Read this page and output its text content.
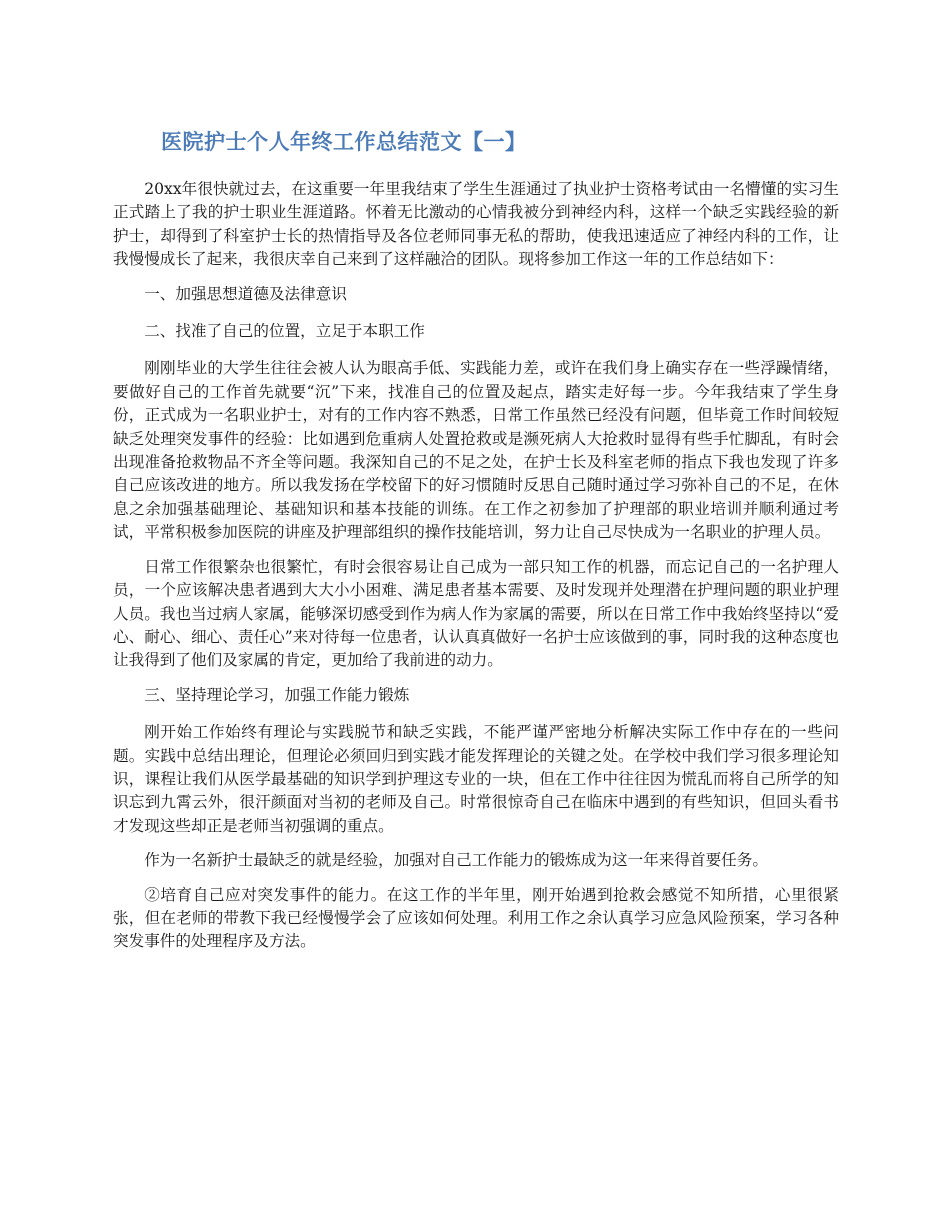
医院护士个人年终工作总结范文【一】

20xx年很快就过去，在这重要一年里我结束了学生生涯通过了执业护士资格考试由一名懵懂的实习生正式踏上了我的护士职业生涯道路。怀着无比激动的心情我被分到神经内科，这样一个缺乏实践经验的新护士，却得到了科室护士长的热情指导及各位老师同事无私的帮助，使我迅速适应了神经内科的工作，让我慢慢成长了起来，我很庆幸自己来到了这样融洽的团队。现将参加工作这一年的工作总结如下：

一、加强思想道德及法律意识

二、找准了自己的位置，立足于本职工作

刚刚毕业的大学生往往会被人认为眼高手低、实践能力差，或许在我们身上确实存在一些浮躁情绪，要做好自己的工作首先就要“沉”下来，找准自己的位置及起点，踏实走好每一步。今年我结束了学生身份，正式成为一名职业护士，对有的工作内容不熟悉，日常工作虽然已经没有问题，但毕竟工作时间较短缺乏处理突发事件的经验：比如遇到危重病人处置抢救或是濒死病人大抢救时显得有些手忙脚乱，有时会出现准备抢救物品不齐全等问题。我深知自己的不足之处，在护士长及科室老师的指点下我也发现了许多自己应该改进的地方。所以我发扬在学校留下的好习惯随时反思自己随时通过学习弥补自己的不足，在休息之余加强基础理论、基础知识和基本技能的训练。在工作之初参加了护理部的职业培训并顺利通过考试，平常积极参加医院的讲座及护理部组织的操作技能培训，努力让自己尽快成为一名职业的护理人员。

日常工作很繁杂也很繁忙，有时会很容易让自己成为一部只知工作的机器，而忘记自己的一名护理人员，一个应该解决患者遇到大大小小困难、满足患者基本需要、及时发现并处理潜在护理问题的职业护理人员。我也当过病人家属，能够深切感受到作为病人作为家属的需要，所以在日常工作中我始终坚持以“爱心、耐心、细心、责任心”来对待每一位患者，认认真真做好一名护士应该做到的事，同时我的这种态度也让我得到了他们及家属的肯定，更加给了我前进的动力。

三、坚持理论学习，加强工作能力锻炼

刚开始工作始终有理论与实践脱节和缺乏实践，不能严谨严密地分析解决实际工作中存在的一些问题。实践中总结出理论，但理论必须回归到实践才能发挥理论的关键之处。在学校中我们学习很多理论知识，课程让我们从医学最基础的知识学到护理这专业的一块，但在工作中往往因为慌乱而将自己所学的知识忘到九霄云外，很汗颜面对当初的老师及自己。时常很惊奇自己在临床中遇到的有些知识，但回头看书才发现这些却正是老师当初强调的重点。

作为一名新护士最缺乏的就是经验，加强对自己工作能力的锻炼成为这一年来得首要任务。

②培育自己应对突发事件的能力。在这工作的半年里，刚开始遇到抢救会感觉不知所措，心里很紧张，但在老师的带教下我已经慢慢学会了应该如何处理。利用工作之余认真学习应急风险预案，学习各种突发事件的处理程序及方法。
